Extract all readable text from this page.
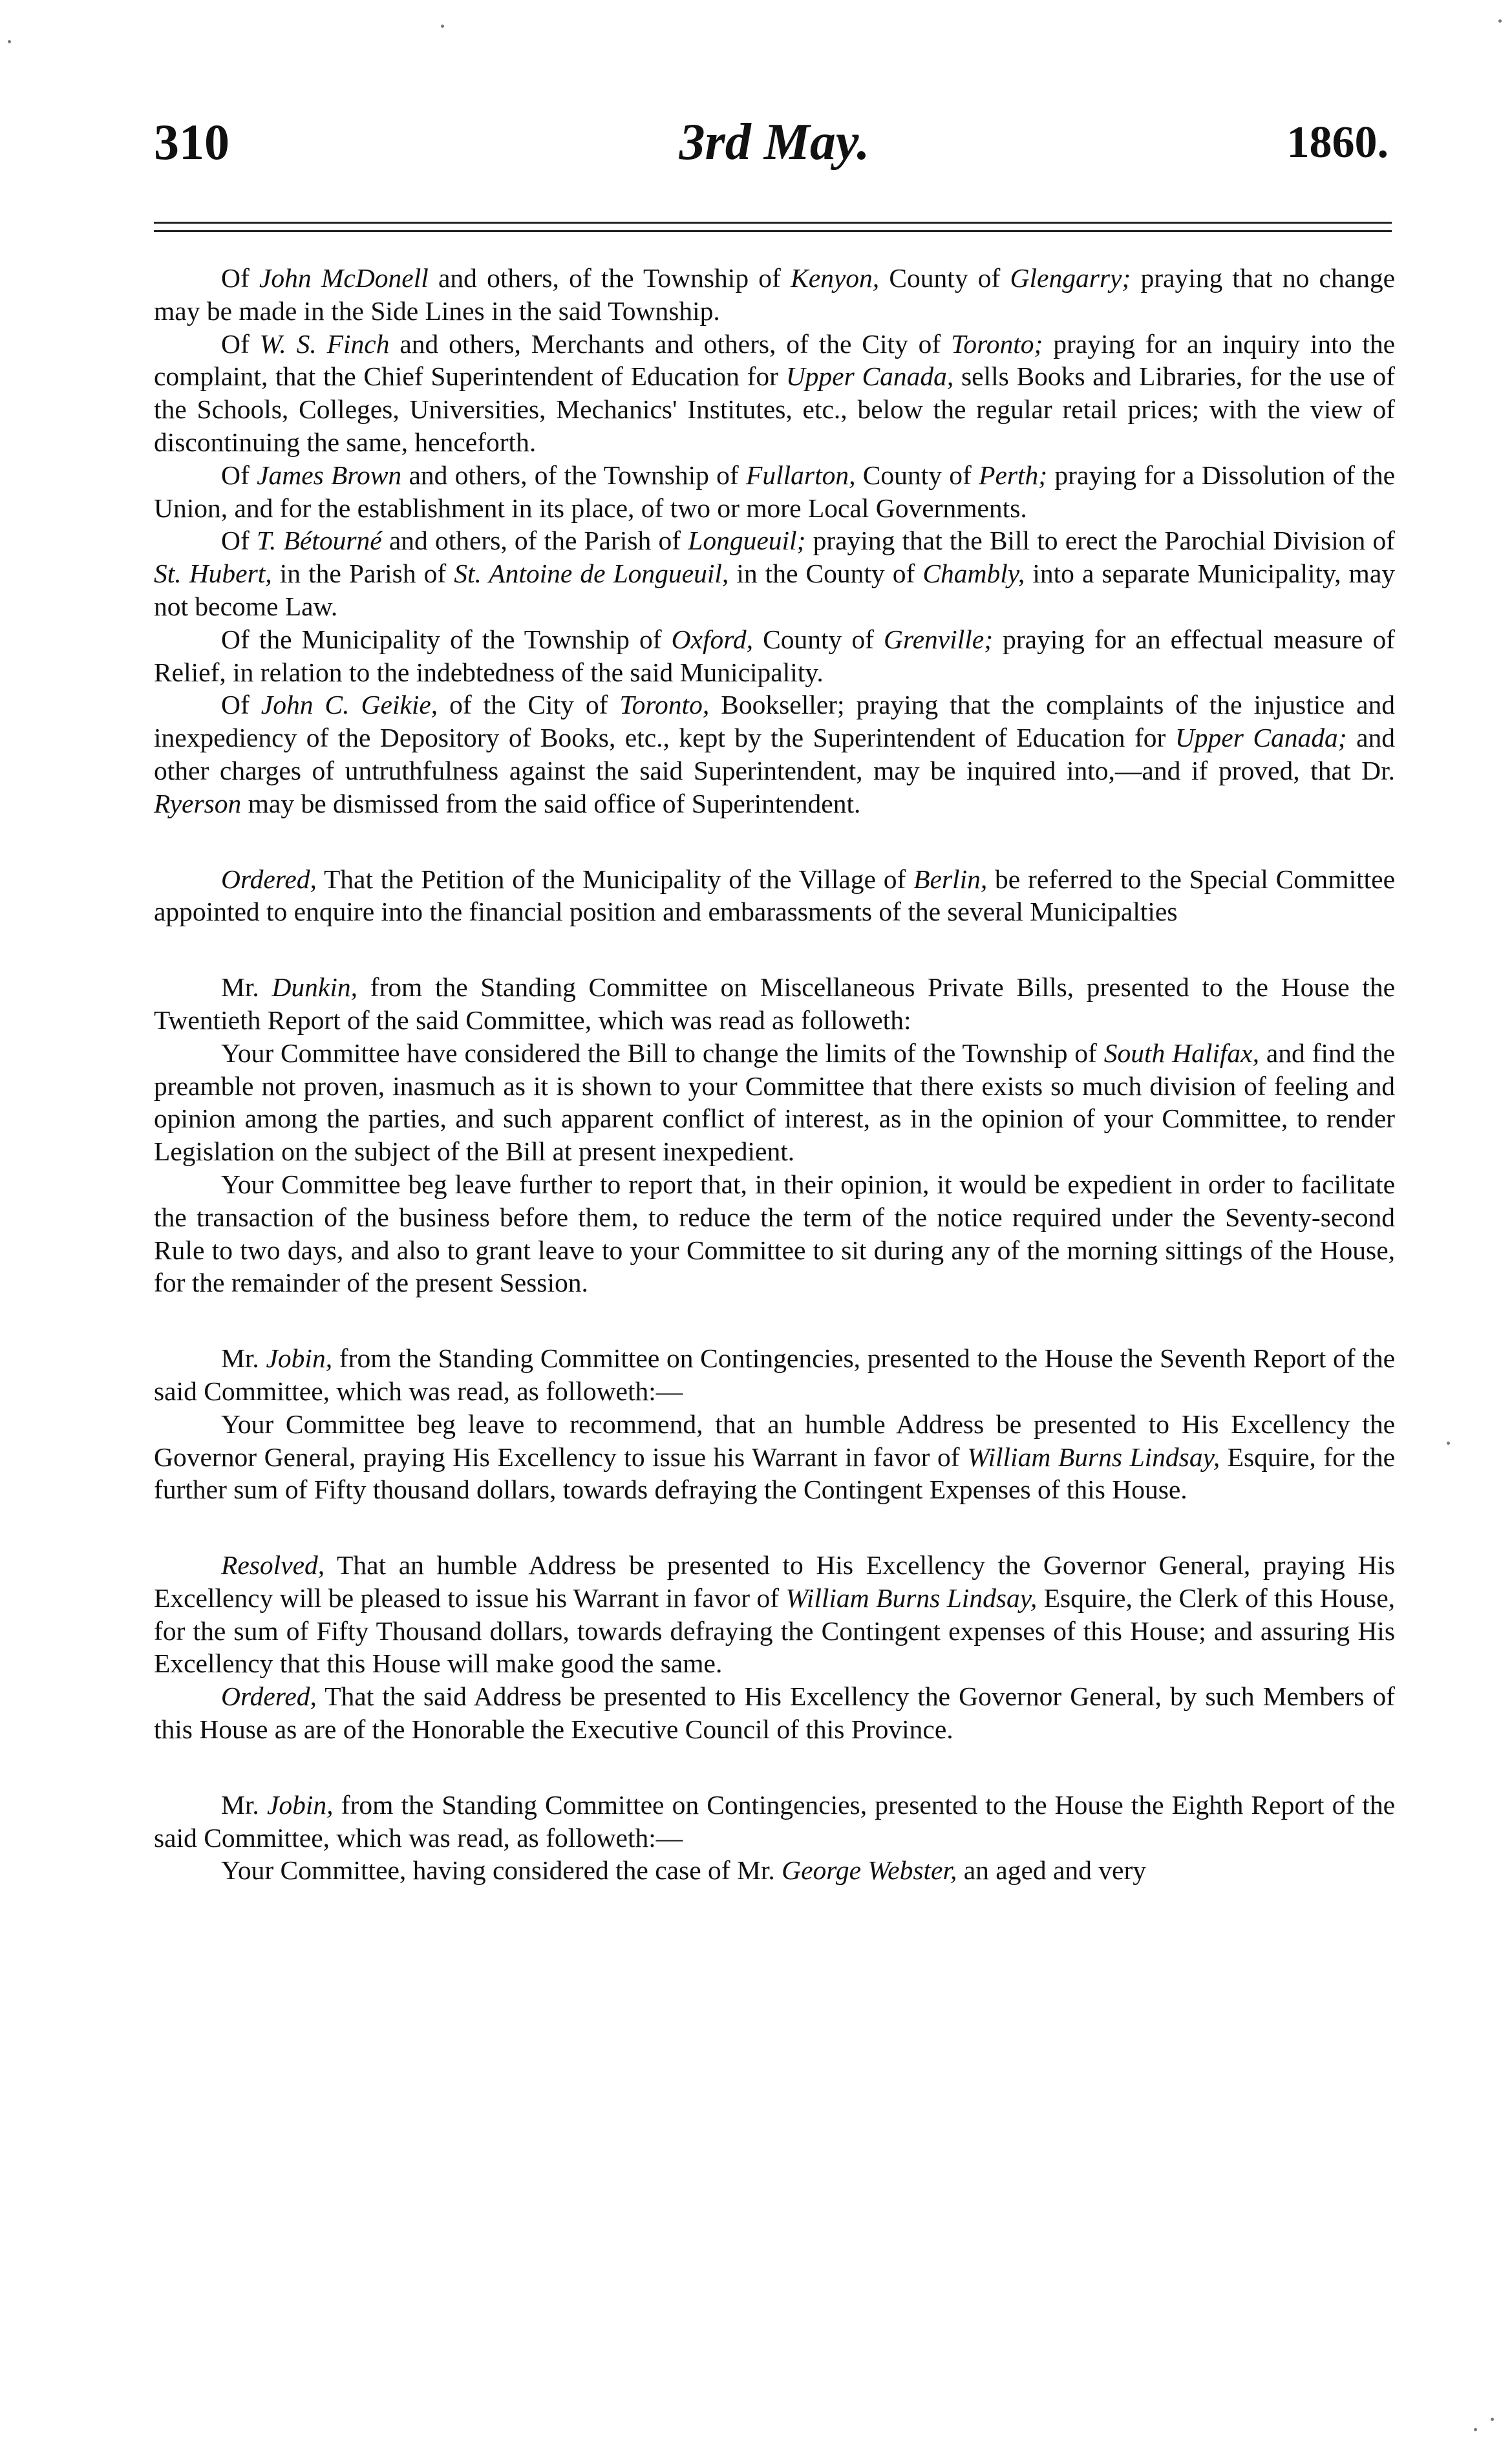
310	3rd May.	1860.

Of John McDonell and others, of the Township of Kenyon, County of Glengarry; praying that no change may be made in the Side Lines in the said Township.

Of W. S. Finch and others, Merchants and others, of the City of Toronto; praying for an inquiry into the complaint, that the Chief Superintendent of Education for Upper Canada, sells Books and Libraries, for the use of the Schools, Colleges, Universities, Mechanics' Institutes, etc., below the regular retail prices; with the view of discontinuing the same, henceforth.

Of James Brown and others, of the Township of Fullarton, County of Perth; praying for a Dissolution of the Union, and for the establishment in its place, of two or more Local Governments.

Of T. Bétourné and others, of the Parish of Longueuil; praying that the Bill to erect the Parochial Division of St. Hubert, in the Parish of St. Antoine de Longueuil, in the County of Chambly, into a separate Municipality, may not become Law.

Of the Municipality of the Township of Oxford, County of Grenville; praying for an effectual measure of Relief, in relation to the indebtedness of the said Municipality.

Of John C. Geikie, of the City of Toronto, Bookseller; praying that the complaints of the injustice and inexpediency of the Depository of Books, etc., kept by the Superintendent of Education for Upper Canada; and other charges of untruthfulness against the said Superintendent, may be inquired into,—and if proved, that Dr. Ryerson may be dismissed from the said office of Superintendent.

Ordered, That the Petition of the Municipality of the Village of Berlin, be referred to the Special Committee appointed to enquire into the financial position and embarassments of the several Municipalties

Mr. Dunkin, from the Standing Committee on Miscellaneous Private Bills, presented to the House the Twentieth Report of the said Committee, which was read as followeth:

Your Committee have considered the Bill to change the limits of the Township of South Halifax, and find the preamble not proven, inasmuch as it is shown to your Committee that there exists so much division of feeling and opinion among the parties, and such apparent conflict of interest, as in the opinion of your Committee, to render Legislation on the subject of the Bill at present inexpedient.

Your Committee beg leave further to report that, in their opinion, it would be expedient in order to facilitate the transaction of the business before them, to reduce the term of the notice required under the Seventy-second Rule to two days, and also to grant leave to your Committee to sit during any of the morning sittings of the House, for the remainder of the present Session.

Mr. Jobin, from the Standing Committee on Contingencies, presented to the House the Seventh Report of the said Committee, which was read, as followeth:—

Your Committee beg leave to recommend, that an humble Address be presented to His Excellency the Governor General, praying His Excellency to issue his Warrant in favor of William Burns Lindsay, Esquire, for the further sum of Fifty thousand dollars, towards defraying the Contingent Expenses of this House.

Resolved, That an humble Address be presented to His Excellency the Governor General, praying His Excellency will be pleased to issue his Warrant in favor of William Burns Lindsay, Esquire, the Clerk of this House, for the sum of Fifty Thousand dollars, towards defraying the Contingent expenses of this House; and assuring His Excellency that this House will make good the same.

Ordered, That the said Address be presented to His Excellency the Governor General, by such Members of this House as are of the Honorable the Executive Council of this Province.

Mr. Jobin, from the Standing Committee on Contingencies, presented to the House the Eighth Report of the said Committee, which was read, as followeth:—

Your Committee, having considered the case of Mr. George Webster, an aged and very
